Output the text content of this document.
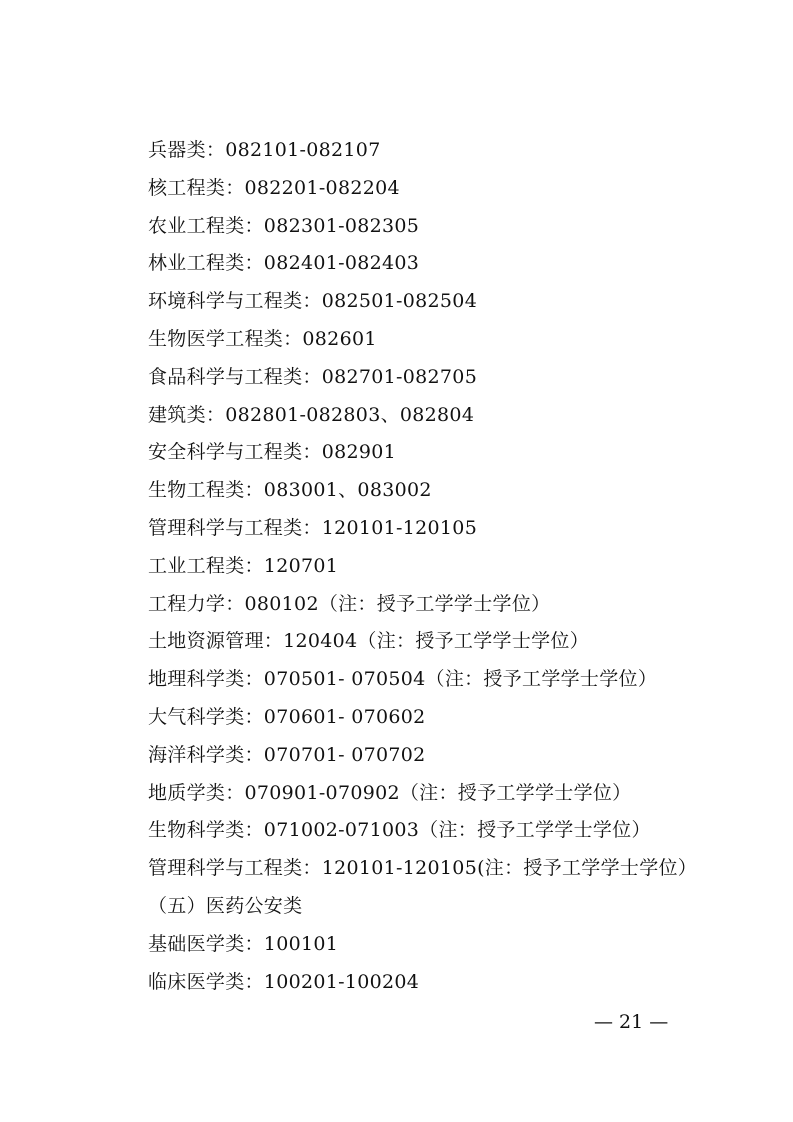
兵器类：082101-082107
核工程类：082201-082204
农业工程类：082301-082305
林业工程类：082401-082403
环境科学与工程类：082501-082504
生物医学工程类：082601
食品科学与工程类：082701-082705
建筑类：082801-082803、082804
安全科学与工程类：082901
生物工程类：083001、083002
管理科学与工程类：120101-120105
工业工程类：120701
工程力学：080102（注：授予工学学士学位）
土地资源管理：120404（注：授予工学学士学位）
地理科学类：070501- 070504（注：授予工学学士学位）
大气科学类：070601- 070602
海洋科学类：070701- 070702
地质学类：070901-070902（注：授予工学学士学位）
生物科学类：071002-071003（注：授予工学学士学位）
管理科学与工程类：120101-120105(注：授予工学学士学位）
（五）医药公安类
基础医学类：100101
临床医学类：100201-100204
— 21 —
